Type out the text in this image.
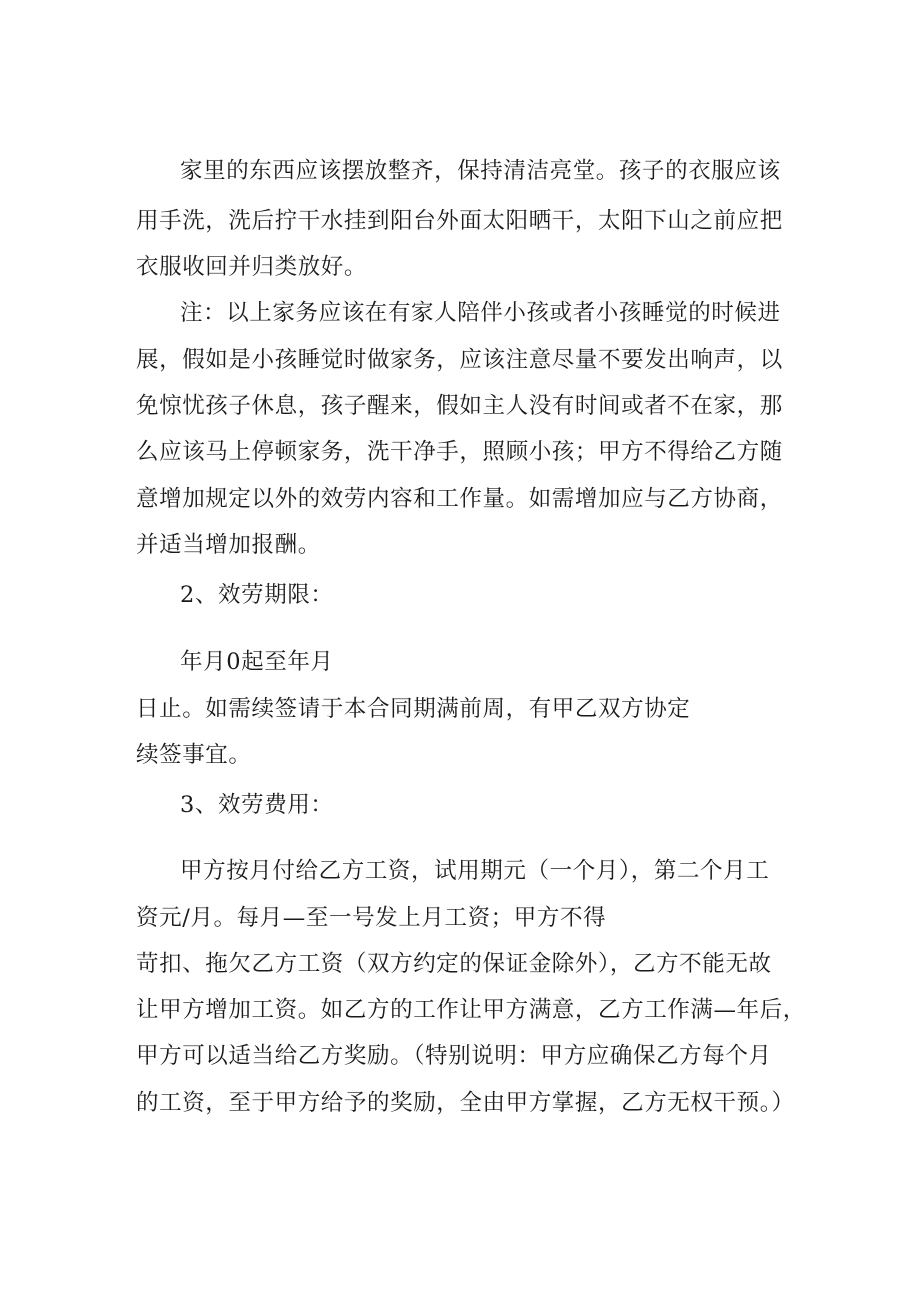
家里的东西应该摆放整齐，保持清洁亮堂。孩子的衣服应该
用手洗，洗后拧干水挂到阳台外面太阳晒干，太阳下山之前应把
衣服收回并归类放好。
注：以上家务应该在有家人陪伴小孩或者小孩睡觉的时候进
展，假如是小孩睡觉时做家务，应该注意尽量不要发出响声，以
免惊忧孩子休息，孩子醒来，假如主人没有时间或者不在家，那
么应该马上停顿家务，洗干净手，照顾小孩；甲方不得给乙方随
意增加规定以外的效劳内容和工作量。如需增加应与乙方协商，
并适当增加报酬。
2、效劳期限：
年月0起至年月
日止。如需续签请于本合同期满前周，有甲乙双方协定
续签事宜。
3、效劳费用：
甲方按月付给乙方工资，试用期元（一个月），第二个月工
资元/月。每月—至一号发上月工资；甲方不得
苛扣、拖欠乙方工资（双方约定的保证金除外），乙方不能无故
让甲方增加工资。如乙方的工作让甲方满意，乙方工作满—年后，
甲方可以适当给乙方奖励。（特别说明：甲方应确保乙方每个月
的工资，至于甲方给予的奖励，全由甲方掌握，乙方无权干预。）
